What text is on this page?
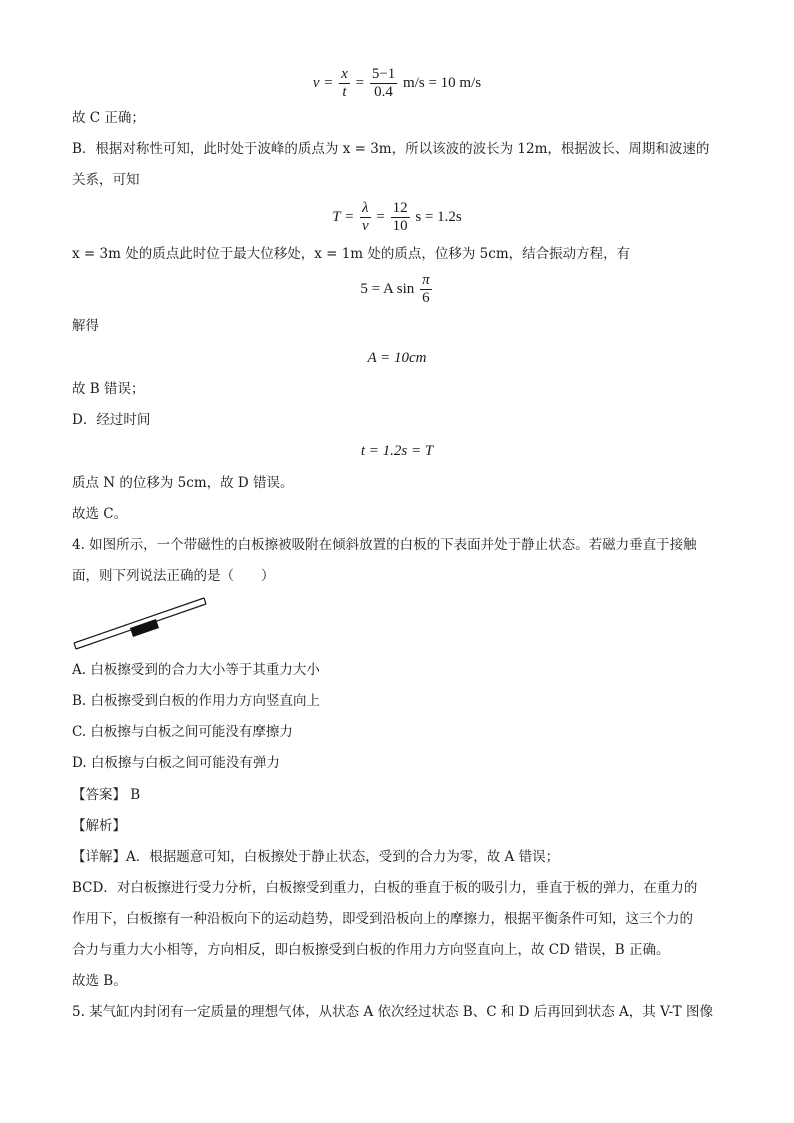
$v = \frac{x}{t} = \frac{5-1}{0.4} m/s = 10$ m/s
故 C 正确；
B．根据对称性可知，此时处于波峰的质点为 x = 3m，所以该波的波长为 12m，根据波长、周期和波速的
关系，可知
$T = \frac{\lambda}{v} = \frac{12}{10}$ s = 1.2s
x = 3m 处的质点此时位于最大位移处，x = 1m 处的质点，位移为 5cm，结合振动方程，有
5 = A $\sin \frac{\pi}{6}$
解得
A = 10cm
故 B 错误；
D．经过时间
t = 1.2s = T
质点 N 的位移为 5cm，故 D 错误。
故选 C。
4. 如图所示，一个带磁性的白板擦被吸附在倾斜放置的白板的下表面并处于静止状态。若磁力垂直于接触
面，则下列说法正确的是（　　）
A. 白板擦受到的合力大小等于其重力大小
B. 白板擦受到白板的作用力方向竖直向上
C. 白板擦与白板之间可能没有摩擦力
D. 白板擦与白板之间可能没有弹力
【答案】 B
【解析】
【详解】A．根据题意可知，白板擦处于静止状态，受到的合力为零，故 A 错误；
BCD．对白板擦进行受力分析，白板擦受到重力，白板的垂直于板的吸引力，垂直于板的弹力，在重力的
作用下，白板擦有一种沿板向下的运动趋势，即受到沿板向上的摩擦力，根据平衡条件可知，这三个力的
合力与重力大小相等，方向相反，即白板擦受到白板的作用力方向竖直向上，故 CD 错误，B 正确。
故选 B。
5. 某气缸内封闭有一定质量的理想气体，从状态 A 依次经过状态 B、C 和 D 后再回到状态 A，其 V-T 图像
